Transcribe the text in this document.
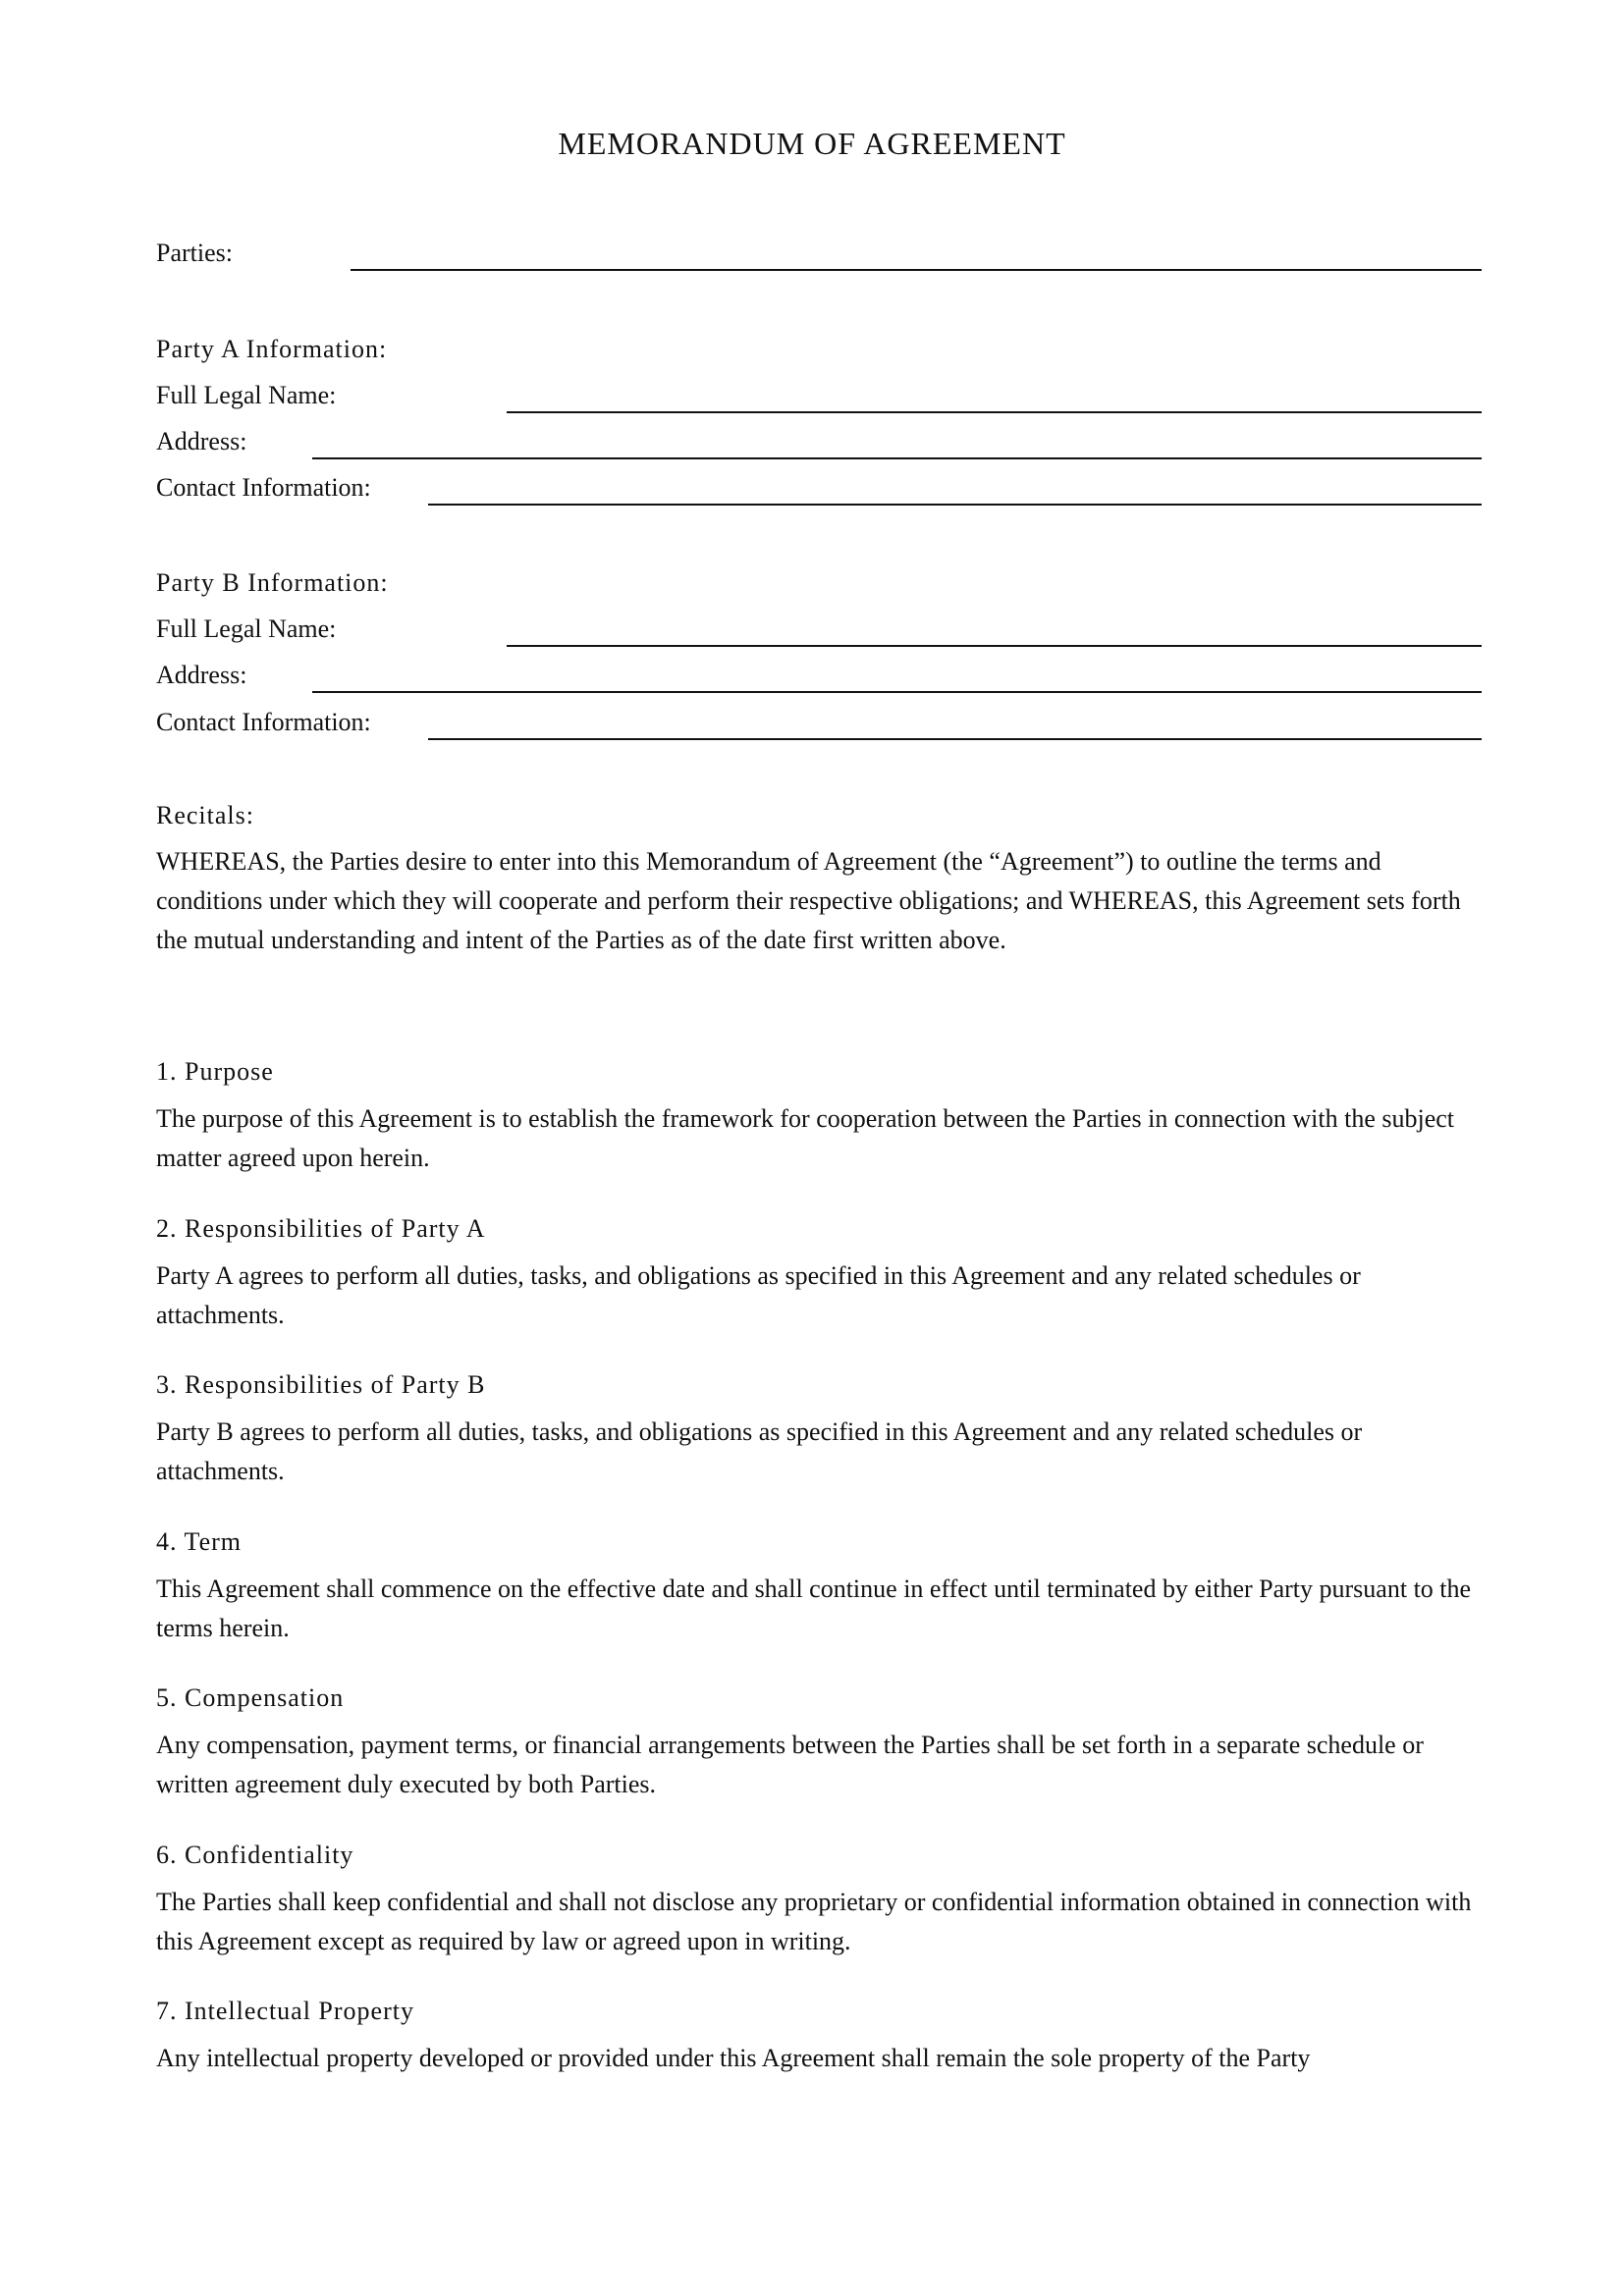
MEMORANDUM OF AGREEMENT
Parties:
Party A Information:
Full Legal Name:
Address:
Contact Information:
Party B Information:
Full Legal Name:
Address:
Contact Information:
Recitals:
WHEREAS, the Parties desire to enter into this Memorandum of Agreement (the “Agreement”) to outline the terms and conditions under which they will cooperate and perform their respective obligations; and WHEREAS, this Agreement sets forth the mutual understanding and intent of the Parties as of the date first written above.
1. Purpose
The purpose of this Agreement is to establish the framework for cooperation between the Parties in connection with the subject matter agreed upon herein.
2. Responsibilities of Party A
Party A agrees to perform all duties, tasks, and obligations as specified in this Agreement and any related schedules or attachments.
3. Responsibilities of Party B
Party B agrees to perform all duties, tasks, and obligations as specified in this Agreement and any related schedules or attachments.
4. Term
This Agreement shall commence on the effective date and shall continue in effect until terminated by either Party pursuant to the terms herein.
5. Compensation
Any compensation, payment terms, or financial arrangements between the Parties shall be set forth in a separate schedule or written agreement duly executed by both Parties.
6. Confidentiality
The Parties shall keep confidential and shall not disclose any proprietary or confidential information obtained in connection with this Agreement except as required by law or agreed upon in writing.
7. Intellectual Property
Any intellectual property developed or provided under this Agreement shall remain the sole property of the Party
